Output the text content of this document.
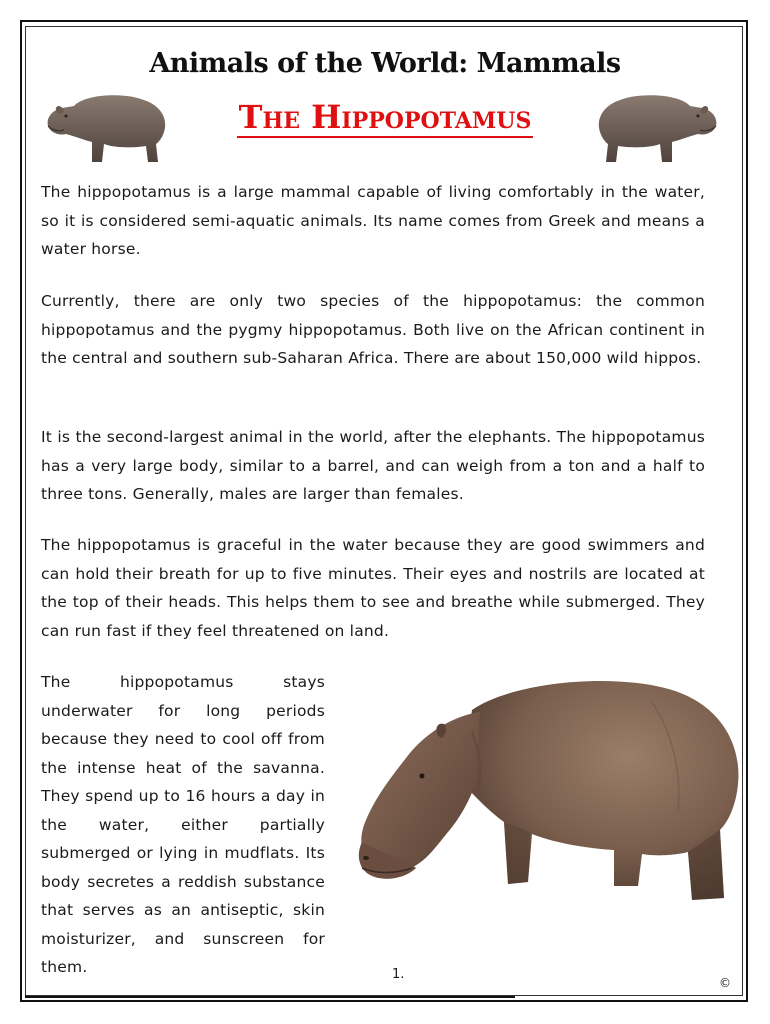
Animals of the World: Mammals
The Hippopotamus
The hippopotamus is a large mammal capable of living comfortably in the water, so it is considered semi-aquatic animals. Its name comes from Greek and means a water horse.
Currently, there are only two species of the hippopotamus: the common hippopotamus and the pygmy hippopotamus. Both live on the African continent in the central and southern sub-Saharan Africa. There are about 150,000 wild hippos.
It is the second-largest animal in the world, after the elephants. The hippopotamus has a very large body, similar to a barrel, and can weigh from a ton and a half to three tons. Generally, males are larger than females.
The hippopotamus is graceful in the water because they are good swimmers and can hold their breath for up to five minutes. Their eyes and nostrils are located at the top of their heads. This helps them to see and breathe while submerged. They can run fast if they feel threatened on land.
The hippopotamus stays underwater for long periods because they need to cool off from the intense heat of the savanna. They spend up to 16 hours a day in the water, either partially submerged or lying in mudflats. Its body secretes a reddish substance that serves as an antiseptic, skin moisturizer, and sunscreen for them.	1.
©
